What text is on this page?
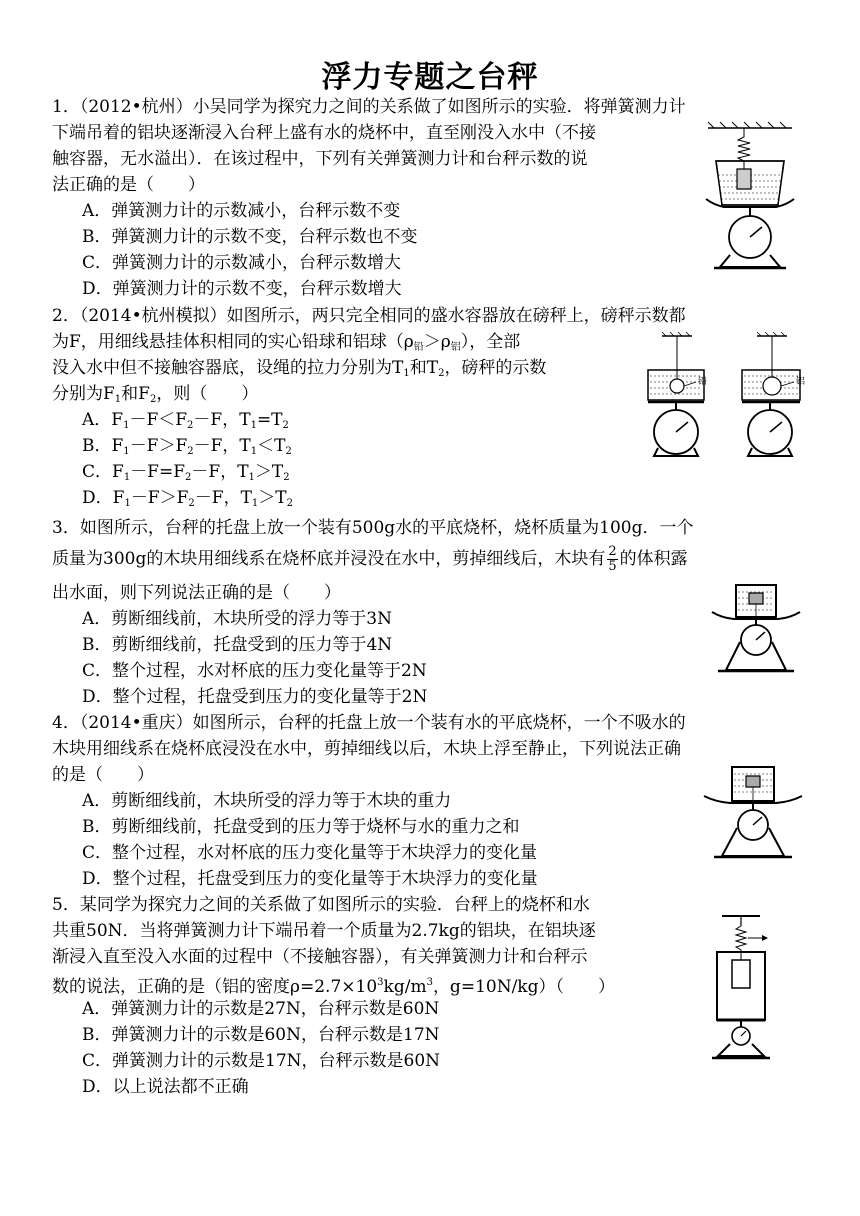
浮力专题之台秤
1．（2012•杭州）小吴同学为探究力之间的关系做了如图所示的实验．将弹簧测力计
下端吊着的铝块逐渐浸入台秤上盛有水的烧杯中，直至刚没入水中（不接
触容器，无水溢出）．在该过程中，下列有关弹簧测力计和台秤示数的说
法正确的是（　　）
A．弹簧测力计的示数减小，台秤示数不变
B．弹簧测力计的示数不变，台秤示数也不变
C．弹簧测力计的示数减小，台秤示数增大
D．弹簧测力计的示数不变，台秤示数增大
2．（2014•杭州模拟）如图所示，两只完全相同的盛水容器放在磅秤上，磅秤示数都
为F，用细线悬挂体积相同的实心铅球和铝球$(\rho_铅>\rho_铝)$，全部
没入水中但不接触容器底，设绳的拉力分别为$T_1$和$T_2$，磅秤的示数
分别为$F_1$和$F_2$，则（　　）
A．$F_1-F<F_2-F$，$T_1=T_2$
B．$F_1-F>F_2-F$，$T_1<T_2$
C．$F_1-F=F_2-F$，$T_1>T_2$
D．$F_1-F>F_2-F$，$T_1>T_2$
铅	铝
3．如图所示，台秤的托盘上放一个装有500g水的平底烧杯，烧杯质量为100g．一个
质量为300g的木块用细线系在烧杯底并浸没在水中，剪掉细线后，木块有 $\frac{2}{5}$ 的体积露
出水面，则下列说法正确的是（　　）
A．剪断细线前，木块所受的浮力等于3N
B．剪断细线前，托盘受到的压力等于4N
C．整个过程，水对杯底的压力变化量等于2N
D．整个过程，托盘受到压力的变化量等于2N
4．（2014•重庆）如图所示，台秤的托盘上放一个装有水的平底烧杯，一个不吸水的
木块用细线系在烧杯底浸没在水中，剪掉细线以后，木块上浮至静止，下列说法正确
的是（　　）
A．剪断细线前，木块所受的浮力等于木块的重力
B．剪断细线前，托盘受到的压力等于烧杯与水的重力之和
C．整个过程，水对杯底的压力变化量等于木块浮力的变化量
D．整个过程，托盘受到压力的变化量等于木块浮力的变化量
5．某同学为探究力之间的关系做了如图所示的实验．台秤上的烧杯和水
共重50N．当将弹簧测力计下端吊着一个质量为2.7kg的铝块，在铝块逐
渐浸入直至没入水面的过程中（不接触容器），有关弹簧测力计和台秤示
数的说法，正确的是（铝的密度$\rho=2.7\times 10^3kg/m^3$，g=10N/kg）（　　）
A．弹簧测力计的示数是27N，台秤示数是60N
B．弹簧测力计的示数是60N，台秤示数是17N
C．弹簧测力计的示数是17N，台秤示数是60N
D．以上说法都不正确
